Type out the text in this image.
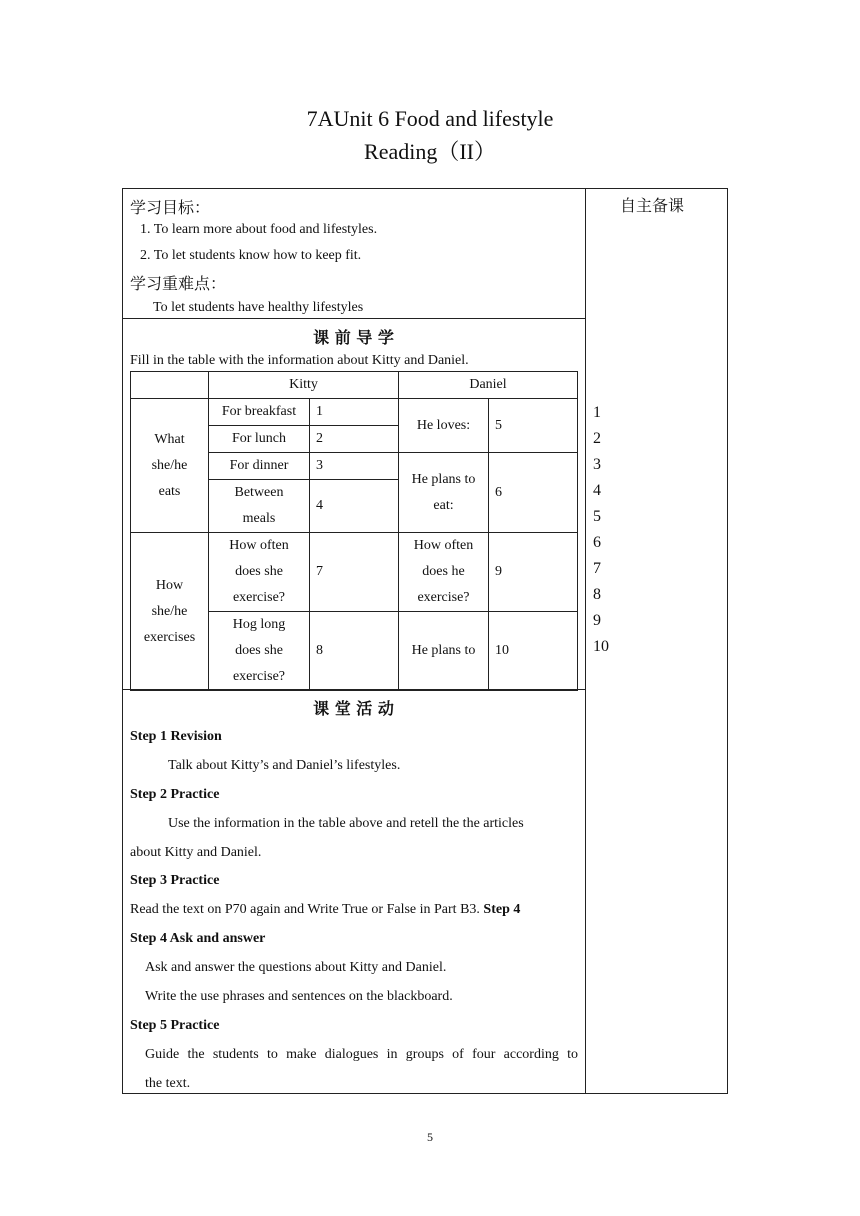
7AUnit 6 Food and lifestyle
Reading（II）
自主备课
学习目标：
1. To learn more about food and lifestyles.
2. To let students know how to keep fit.
学习重难点：
To let students have healthy lifestyles
课 前 导 学
Fill in the table with the information about Kitty and Daniel.
	Kitty		Daniel	
What she/he eats	For breakfast	1	He loves:	5
	For lunch	2		
	For dinner	3	He plans to eat:	6
	Between meals	4		
How she/he exercises	How often does she exercise?	7	How often does he exercise?	9
	Hog long does she exercise?	8	He plans to	10
1
2
3
4
5
6
7
8
9
10
课 堂 活 动
Step 1 Revision
Talk about Kitty’s and Daniel’s lifestyles.
Step 2 Practice
Use the information in the table above and retell the the articles
about Kitty and Daniel.
Step 3 Practice
Read the text on P70 again and Write True or False in Part B3. Step 4
Step 4 Ask and answer
Ask and answer the questions about Kitty and Daniel.
Write the use phrases and sentences on the blackboard.
Step 5 Practice
Guide the students to make dialogues in groups of four according to
the text.
5
